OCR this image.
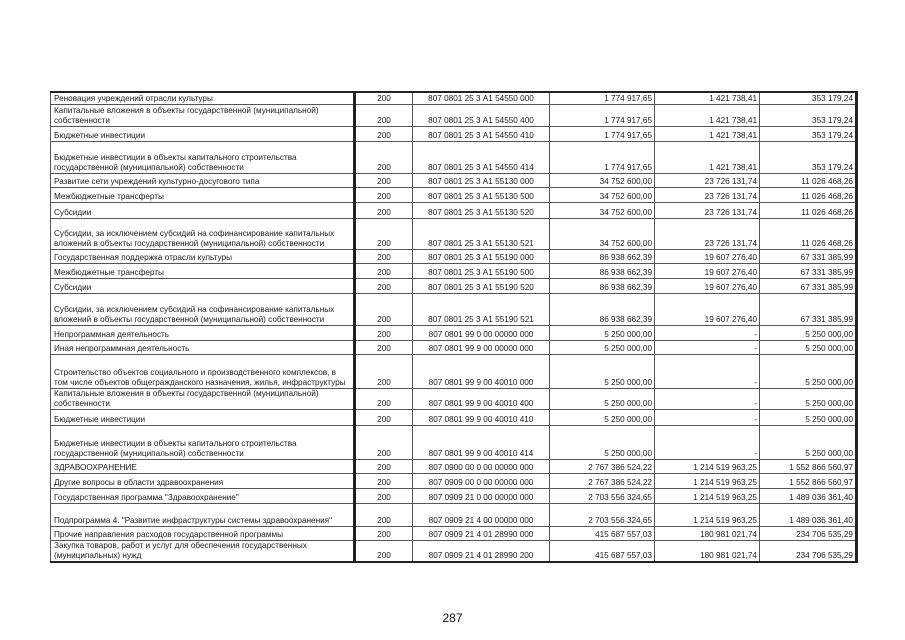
Реновация учреждений отрасли культуры	200	807 0801 25 3 А1 54550 000	1 774 917,65	1 421 738,41	353 179,24
Капитальные вложения в объекты государственной (муниципальной) собственности	200	807 0801 25 3 А1 54550 400	1 774 917,65	1 421 738,41	353 179,24
Бюджетные инвестиции	200	807 0801 25 3 А1 54550 410	1 774 917,65	1 421 738,41	353 179,24
Бюджетные инвестиции в объекты капитального строительства государственной (муниципальной) собственности	200	807 0801 25 3 А1 54550 414	1 774 917,65	1 421 738,41	353 179,24
Развитие сети учреждений культурно-досугового типа	200	807 0801 25 3 А1 55130 000	34 752 600,00	23 726 131,74	11 026 468,26
Межбюджетные трансферты	200	807 0801 25 3 А1 55130 500	34 752 600,00	23 726 131,74	11 026 468,26
Субсидии	200	807 0801 25 3 А1 55130 520	34 752 600,00	23 726 131,74	11 026 468,26
Субсидии, за исключением субсидий на софинансирование капитальных вложений в объекты государственной (муниципальной) собственности	200	807 0801 25 3 А1 55130 521	34 752 600,00	23 726 131,74	11 026 468,26
Государственная поддержка отрасли культуры	200	807 0801 25 3 А1 55190 000	86 938 662,39	19 607 276,40	67 331 385,99
Межбюджетные трансферты	200	807 0801 25 3 А1 55190 500	86 938 662,39	19 607 276,40	67 331 385,99
Субсидии	200	807 0801 25 3 А1 55190 520	86 938 662,39	19 607 276,40	67 331 385,99
Субсидии, за исключением субсидий на софинансирование капитальных вложений в объекты государственной (муниципальной) собственности	200	807 0801 25 3 А1 55190 521	86 938 662,39	19 607 276,40	67 331 385,99
Непрограммная деятельность	200	807 0801 99 0 00 00000 000	5 250 000,00	-	5 250 000,00
Иная непрограммная деятельность	200	807 0801 99 9 00 00000 000	5 250 000,00	-	5 250 000,00
Строительство объектов социального и производственного комплексов, в том числе объектов общегражданского назначения, жилья, инфраструктуры	200	807 0801 99 9 00 40010 000	5 250 000,00	-	5 250 000,00
Капитальные вложения в объекты государственной (муниципальной) собственности	200	807 0801 99 9 00 40010 400	5 250 000,00	-	5 250 000,00
Бюджетные инвестиции	200	807 0801 99 9 00 40010 410	5 250 000,00	-	5 250 000,00
Бюджетные инвестиции в объекты капитального строительства государственной (муниципальной) собственности	200	807 0801 99 9 00 40010 414	5 250 000,00	-	5 250 000,00
ЗДРАВООХРАНЕНИЕ	200	807 0900 00 0 00 00000 000	2 767 386 524,22	1 214 519 963,25	1 552 866 560,97
Другие вопросы в области здравоохранения	200	807 0909 00 0 00 00000 000	2 767 386 524,22	1 214 519 963,25	1 552 866 560,97
Государственная программа "Здравоохранение"	200	807 0909 21 0 00 00000 000	2 703 556 324,65	1 214 519 963,25	1 489 036 361,40
Подпрограмма 4. "Развитие инфраструктуры системы здравоохранения"	200	807 0909 21 4 00 00000 000	2 703 556 324,65	1 214 519 963,25	1 489 036 361,40
Прочие направления расходов государственной программы	200	807 0909 21 4 01 28990 000	415 687 557,03	180 981 021,74	234 706 535,29
Закупка товаров, работ и услуг для обеспечения государственных (муниципальных) нужд	200	807 0909 21 4 01 28990 200	415 687 557,03	180 981 021,74	234 706 535,29
287
